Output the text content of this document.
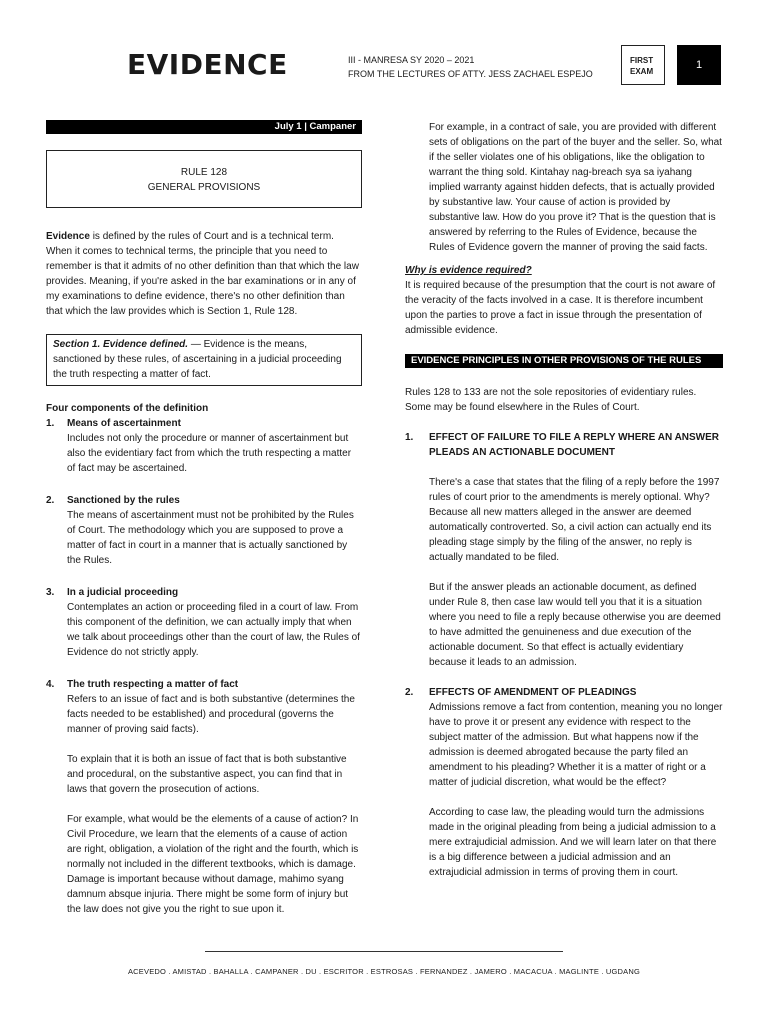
EVIDENCE	III - MANRESA SY 2020 – 2021
FROM THE LECTURES OF ATTY. JESS ZACHAEL ESPEJO
FIRST
EXAM
1
July 1 | Campaner
RULE 128
GENERAL PROVISIONS

Evidence is defined by the rules of Court and is a technical term. When it comes to technical terms, the principle that you need to remember is that it admits of no other definition than that which the law provides. Meaning, if you're asked in the bar examinations or in any of my examinations to define evidence, there's no other definition than that which the law provides which is Section 1, Rule 128.

Section 1. Evidence defined. — Evidence is the means, sanctioned by these rules, of ascertaining in a judicial proceeding the truth respecting a matter of fact.

Four components of the definition

1.	Means of ascertainment

Includes not only the procedure or manner of ascertainment but also the evidentiary fact from which the truth respecting a matter of fact may be ascertained.

2.	Sanctioned by the rules

The means of ascertainment must not be prohibited by the Rules of Court. The methodology which you are supposed to prove a matter of fact in court in a manner that is actually sanctioned by the Rules.

3.	In a judicial proceeding

Contemplates an action or proceeding filed in a court of law. From this component of the definition, we can actually imply that when we talk about proceedings other than the court of law, the Rules of Evidence do not strictly apply.

4.	The truth respecting a matter of fact

Refers to an issue of fact and is both substantive (determines the facts needed to be established) and procedural (governs the manner of proving said facts).

To explain that it is both an issue of fact that is both substantive and procedural, on the substantive aspect, you can find that in laws that govern the prosecution of actions.

For example, what would be the elements of a cause of action? In Civil Procedure, we learn that the elements of a cause of action are right, obligation, a violation of the right and the fourth, which is normally not included in the different textbooks, which is damage. Damage is important because without damage, mahimo syang damnum absque injuria. There might be some form of injury but the law does not give you the right to sue upon it.

For example, in a contract of sale, you are provided with different sets of obligations on the part of the buyer and the seller. So, what if the seller violates one of his obligations, like the obligation to warrant the thing sold. Kintahay nag-breach sya sa iyahang implied warranty against hidden defects, that is actually provided by substantive law. Your cause of action is provided by substantive law. How do you prove it? That is the question that is answered by referring to the Rules of Evidence, because the Rules of Evidence govern the manner of proving the said facts.

Why is evidence required?

It is required because of the presumption that the court is not aware of the veracity of the facts involved in a case. It is therefore incumbent upon the parties to prove a fact in issue through the presentation of admissible evidence.

EVIDENCE PRINCIPLES IN OTHER PROVISIONS OF THE RULES

Rules 128 to 133 are not the sole repositories of evidentiary rules. Some may be found elsewhere in the Rules of Court.

1.	EFFECT OF FAILURE TO FILE A REPLY WHERE AN ANSWER PLEADS AN ACTIONABLE DOCUMENT

There's a case that states that the filing of a reply before the 1997 rules of court prior to the amendments is merely optional. Why? Because all new matters alleged in the answer are deemed automatically controverted. So, a civil action can actually end its pleading stage simply by the filing of the answer, no reply is actually mandated to be filed.

But if the answer pleads an actionable document, as defined under Rule 8, then case law would tell you that it is a situation where you need to file a reply because otherwise you are deemed to have admitted the genuineness and due execution of the actionable document. So that effect is actually evidentiary because it leads to an admission.

2.	EFFECTS OF AMENDMENT OF PLEADINGS

Admissions remove a fact from contention, meaning you no longer have to prove it or present any evidence with respect to the subject matter of the admission. But what happens now if the admission is deemed abrogated because the party filed an amendment to his pleading? Whether it is a matter of right or a matter of judicial discretion, what would be the effect?

According to case law, the pleading would turn the admissions made in the original pleading from being a judicial admission to a mere extrajudicial admission. And we will learn later on that there is a big difference between a judicial admission and an extrajudicial admission in terms of proving them in court.

ACEVEDO . AMISTAD . BAHALLA . CAMPANER . DU . ESCRITOR . ESTROSAS . FERNANDEZ . JAMERO . MACACUA . MAGLINTE . UGDANG
